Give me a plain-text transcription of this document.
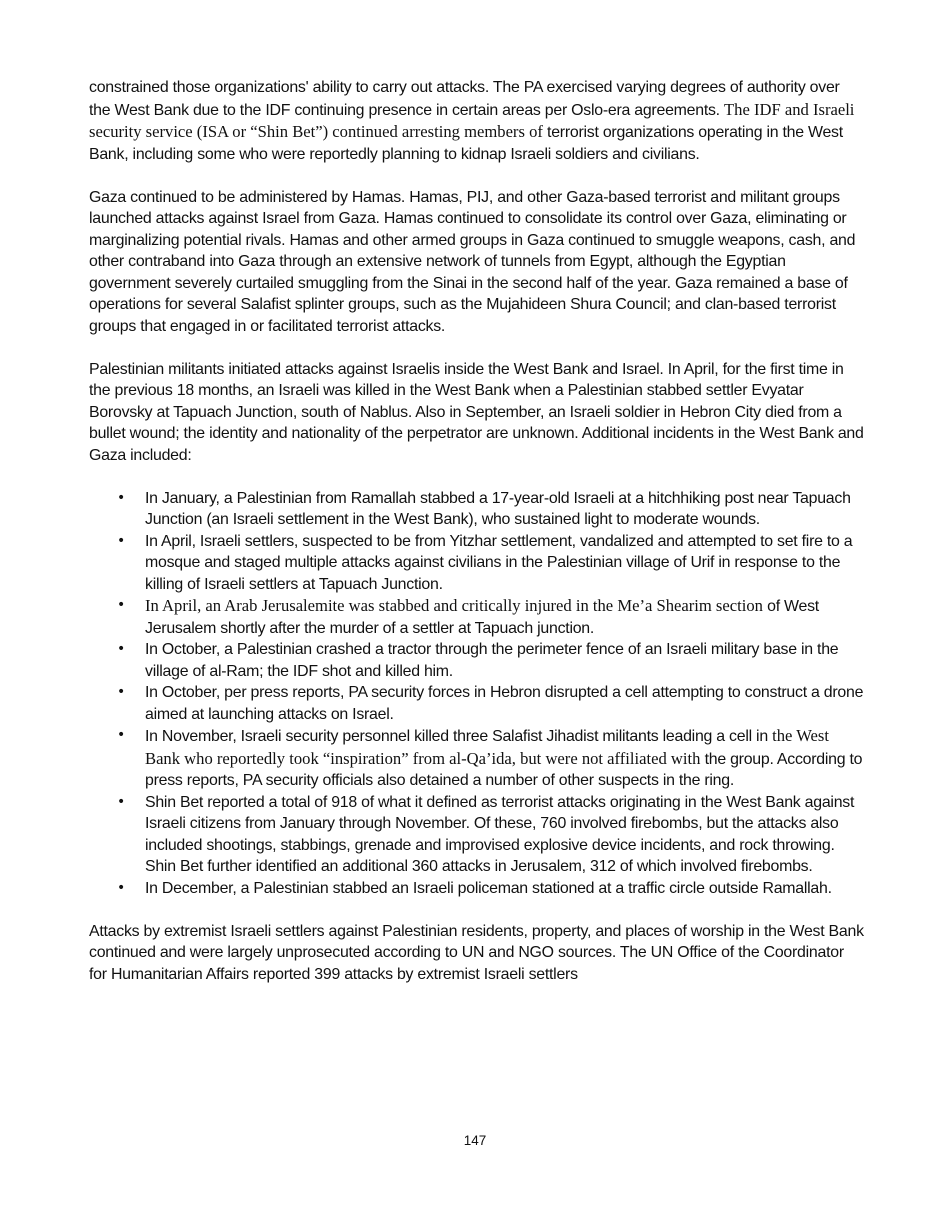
constrained those organizations' ability to carry out attacks. The PA exercised varying degrees of authority over the West Bank due to the IDF continuing presence in certain areas per Oslo-era agreements. The IDF and Israeli security service (ISA or “Shin Bet”) continued arresting members of terrorist organizations operating in the West Bank, including some who were reportedly planning to kidnap Israeli soldiers and civilians.

Gaza continued to be administered by Hamas. Hamas, PIJ, and other Gaza-based terrorist and militant groups launched attacks against Israel from Gaza. Hamas continued to consolidate its control over Gaza, eliminating or marginalizing potential rivals. Hamas and other armed groups in Gaza continued to smuggle weapons, cash, and other contraband into Gaza through an extensive network of tunnels from Egypt, although the Egyptian government severely curtailed smuggling from the Sinai in the second half of the year. Gaza remained a base of operations for several Salafist splinter groups, such as the Mujahideen Shura Council; and clan-based terrorist groups that engaged in or facilitated terrorist attacks.

Palestinian militants initiated attacks against Israelis inside the West Bank and Israel. In April, for the first time in the previous 18 months, an Israeli was killed in the West Bank when a Palestinian stabbed settler Evyatar Borovsky at Tapuach Junction, south of Nablus. Also in September, an Israeli soldier in Hebron City died from a bullet wound; the identity and nationality of the perpetrator are unknown. Additional incidents in the West Bank and Gaza included:

• In January, a Palestinian from Ramallah stabbed a 17-year-old Israeli at a hitchhiking post near Tapuach Junction (an Israeli settlement in the West Bank), who sustained light to moderate wounds.
• In April, Israeli settlers, suspected to be from Yitzhar settlement, vandalized and attempted to set fire to a mosque and staged multiple attacks against civilians in the Palestinian village of Urif in response to the killing of Israeli settlers at Tapuach Junction.
• In April, an Arab Jerusalemite was stabbed and critically injured in the Me’a Shearim section of West Jerusalem shortly after the murder of a settler at Tapuach junction.
• In October, a Palestinian crashed a tractor through the perimeter fence of an Israeli military base in the village of al-Ram; the IDF shot and killed him.
• In October, per press reports, PA security forces in Hebron disrupted a cell attempting to construct a drone aimed at launching attacks on Israel.
• In November, Israeli security personnel killed three Salafist Jihadist militants leading a cell in the West Bank who reportedly took “inspiration” from al-Qa’ida, but were not affiliated with the group. According to press reports, PA security officials also detained a number of other suspects in the ring.
• Shin Bet reported a total of 918 of what it defined as terrorist attacks originating in the West Bank against Israeli citizens from January through November. Of these, 760 involved firebombs, but the attacks also included shootings, stabbings, grenade and improvised explosive device incidents, and rock throwing. Shin Bet further identified an additional 360 attacks in Jerusalem, 312 of which involved firebombs.
• In December, a Palestinian stabbed an Israeli policeman stationed at a traffic circle outside Ramallah.

Attacks by extremist Israeli settlers against Palestinian residents, property, and places of worship in the West Bank continued and were largely unprosecuted according to UN and NGO sources. The UN Office of the Coordinator for Humanitarian Affairs reported 399 attacks by extremist Israeli settlers

147
